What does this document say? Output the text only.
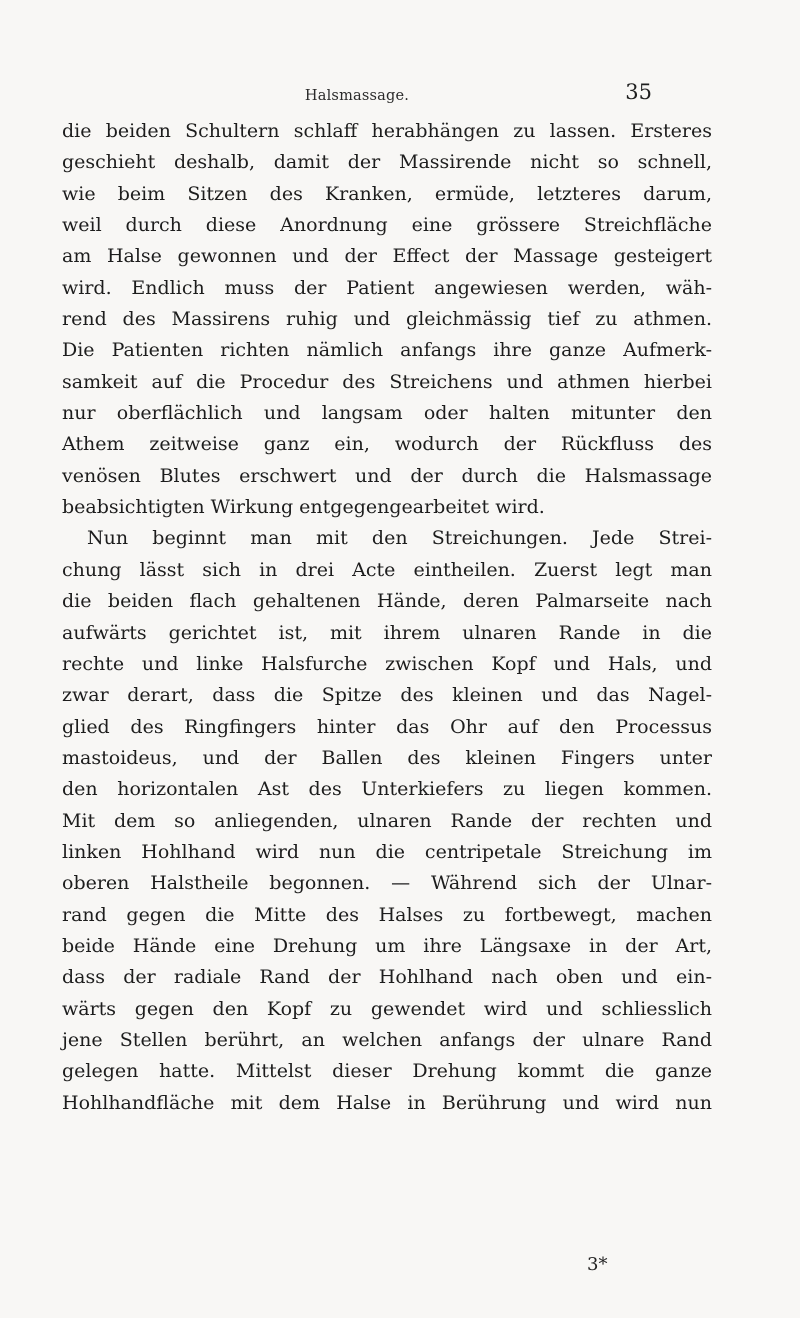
Halsmassage.	35
die beiden Schultern schlaff herabhängen zu lassen. Ersteres
geschieht deshalb, damit der Massirende nicht so schnell,
wie beim Sitzen des Kranken, ermüde, letzteres darum,
weil durch diese Anordnung eine grössere Streichfläche
am Halse gewonnen und der Effect der Massage gesteigert
wird. Endlich muss der Patient angewiesen werden, wäh-
rend des Massirens ruhig und gleichmässig tief zu athmen.
Die Patienten richten nämlich anfangs ihre ganze Aufmerk-
samkeit auf die Procedur des Streichens und athmen hierbei
nur oberflächlich und langsam oder halten mitunter den
Athem zeitweise ganz ein, wodurch der Rückfluss des
venösen Blutes erschwert und der durch die Halsmassage
beabsichtigten Wirkung entgegengearbeitet wird.
Nun beginnt man mit den Streichungen. Jede Strei-
chung lässt sich in drei Acte eintheilen. Zuerst legt man
die beiden flach gehaltenen Hände, deren Palmarseite nach
aufwärts gerichtet ist, mit ihrem ulnaren Rande in die
rechte und linke Halsfurche zwischen Kopf und Hals, und
zwar derart, dass die Spitze des kleinen und das Nagel-
glied des Ringfingers hinter das Ohr auf den Processus
mastoideus, und der Ballen des kleinen Fingers unter
den horizontalen Ast des Unterkiefers zu liegen kommen.
Mit dem so anliegenden, ulnaren Rande der rechten und
linken Hohlhand wird nun die centripetale Streichung im
oberen Halstheile begonnen. — Während sich der Ulnar-
rand gegen die Mitte des Halses zu fortbewegt, machen
beide Hände eine Drehung um ihre Längsaxe in der Art,
dass der radiale Rand der Hohlhand nach oben und ein-
wärts gegen den Kopf zu gewendet wird und schliesslich
jene Stellen berührt, an welchen anfangs der ulnare Rand
gelegen hatte. Mittelst dieser Drehung kommt die ganze
Hohlhandfläche mit dem Halse in Berührung und wird nun
3*
